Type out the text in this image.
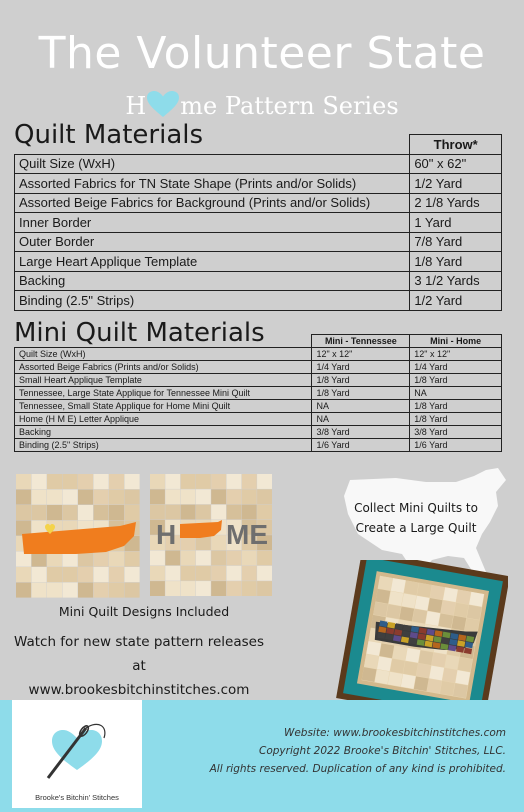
The Volunteer State
H me Pattern Series
Quilt Materials
		Throw*
Quilt Size (WxH)	60" x 62"
Assorted Fabrics for TN State Shape (Prints and/or Solids)	1/2 Yard
Assorted Beige Fabrics for Background (Prints and/or Solids)	2 1/8 Yards
Inner Border	1 Yard
Outer Border	7/8 Yard
Large Heart Applique Template	1/8 Yard
Backing	3 1/2 Yards
Binding (2.5" Strips)	1/2 Yard
Mini Quilt Materials
		Mini - Tennessee	Mini - Home
Quilt Size (WxH)	12" x 12"	12" x 12"
Assorted Beige Fabrics (Prints and/or Solids)	1/4 Yard	1/4 Yard
Small Heart Applique Template	1/8 Yard	1/8 Yard
Tennessee, Large State Applique for Tennessee Mini Quilt	1/8 Yard	NA
Tennessee, Small State Applique for Home Mini Quilt	NA	1/8 Yard
Home (H M E) Letter Applique	NA	1/8 Yard
Backing	3/8 Yard	3/8 Yard
Binding (2.5" Strips)	1/6 Yard	1/6 Yard
H ME
Mini Quilt Designs Included
Collect Mini Quilts to
Create a Large Quilt
Watch for new state pattern releases at
www.brookesbitchinstitches.com
Brooke's Bitchin' Stitches
Website: www.brookesbitchinstitches.com
Copyright 2022 Brooke's Bitchin' Stitches, LLC.
All rights reserved. Duplication of any kind is prohibited.
